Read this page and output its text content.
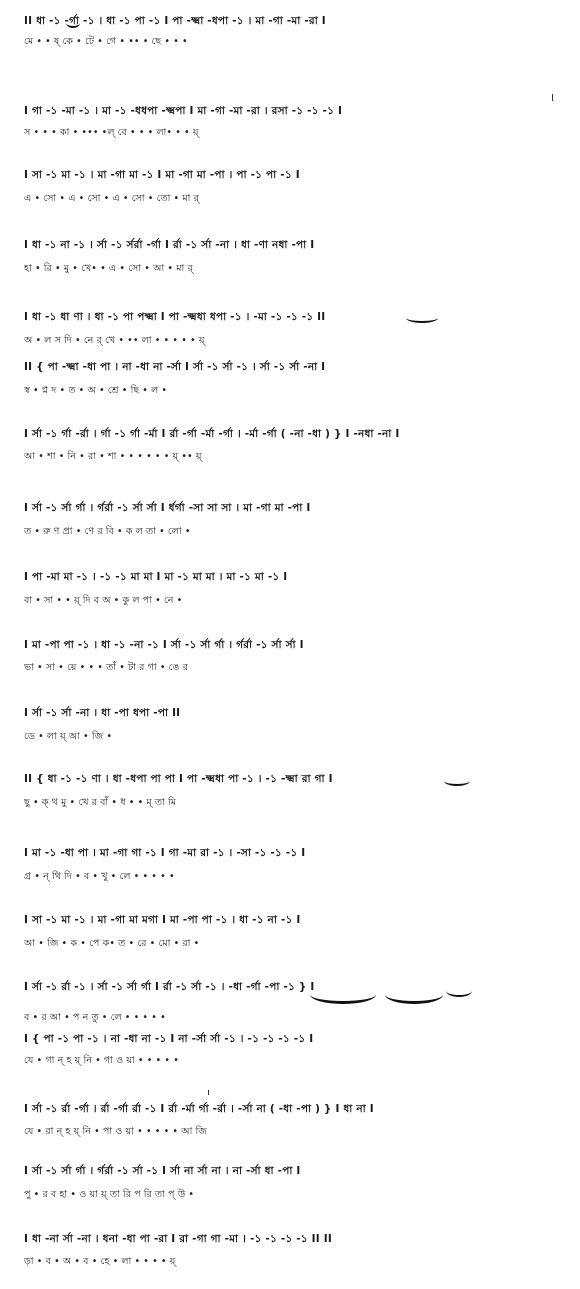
II ধা -১ -র্গা -১ । ধা -১ পা -১ I পা -ক্ষ্মা -ধপা -১ । মা -গা -মা -রা I
মে • • ষ্ কে • টে • গে • •• • ছে • • •
I গা -১ -মা -১ । মা -১ -ধধপা -ক্ষ্মপা I মা -গা -মা -রা । রসা -১ -১ -১ I
স • • • কা • ••• •ল্ বে • • • লা• • • য়্
I সা -১ মা -১ । মা -গা মা -১ I মা -গা মা -পা । পা -১ পা -১ I
এ • সো • এ • সো • এ • সো • তো • মা র্
I ধা -১ না -১ । র্সা -১ র্সর্রা -র্গা I র্রা -১ র্সা -না । ধা -ণা নধা -পা I
হা • রি • মু • খে• • এ • সো • আ • মা র্
I ধা -১ ধা ণা । ধা -১ পা পক্ষ্মা I পা -ক্ষ্মধা ধপা -১ । -মা -১ -১ -১ II
অ • ল স দি • নে র্ খে • •• লা • • • • • য়্
II { পা -ক্ষ্মা -ধা পা । না -ধা না -র্সা I র্সা -১ র্সা -১ । র্সা -১ র্সা -না I
স্ব • প্ন দ • ত • অ • শ্রে • ছি • ল •
I র্সা -১ র্গা -র্রা । র্গা -১ র্গা -র্মা I র্রা -র্গা -র্মা -র্গা । -র্মা -র্গা ( -না -ধা ) } I -নধা -না I
আ • শা • নি • রা • শা • • • • • • য়্ •• য়্
I র্সা -১ র্সা র্গা । র্গর্রা -১ র্সা র্সা I র্ধর্গা -সা সা সা । মা -গা মা -পা I
ত • রু ণ প্রা • ণে র বি • ক ল তা • লো •
I পা -মা মা -১ । -১ -১ মা মা I মা -১ মা মা । মা -১ মা -১ I
বা • সা • • য়্ দি ব অ • কু ল পা • নে •
I মা -পা পা -১ । ধা -১ -না -১ I র্সা -১ র্সা র্গা । র্গর্রা -১ র্সা র্সা I
ভা • সা • য়ে • • • তাঁ • টা র গা • ঙে র
I র্সা -১ র্সা -না । ধা -পা ধপা -পা II
ডে • লা য়্ আ • জি •
II { ধা -১ -১ ণা । ধা -ধপা পা পা I পা -ক্ষ্মধা পা -১ । -১ -ক্ষ্মা রা গা I
ছু • ক্ থ মু • খে র বাঁ • ধ • • ম্ তা মি
I মা -১ -ধা পা । মা -গা গা -১ I গা -মা রা -১ । -সা -১ -১ -১ I
গ্র • ন্ থি দি • ব • খু • লে • • • • •
I সা -১ মা -১ । মা -গা মা মগা I মা -পা পা -১ । ধা -১ না -১ I
আ • জি • ক • পে ক• ত • রে • মো • রা •
I র্সা -১ র্রা -১ । র্সা -১ র্সা র্গা I র্রা -১ র্সা -১ । -ধা -র্গা -পা -১ } I
ব • র আ • প ন তু • লে • • • • •
I { পা -১ পা -১ । না -ধা না -১ I না -র্সা র্সা -১ । -১ -১ -১ -১ I
যে • গা ন্ হ য়্ নি • গা ও য়া • • • • •
I র্সা -১ র্রা -র্গা । র্রা -র্গা র্রা -১ I র্রা -র্মা র্গা -র্রা । -র্সা না ( -ধা -পা ) } I ধা না I
যে • রা ন্ হ য়্ নি • পা ও য়া • • • • • আ জি
I র্সা -১ র্সা র্গা । র্গর্রা -১ র্সা -১ I র্সা না র্সা না । না -র্সা ধা -পা I
পু • র ব হা • ও য়া য়্ তা রি প রি তা প্ উ •
I ধা -না র্সা -না । ধনা -ধা পা -রা I রা -গা গা -মা । -১ -১ -১ -১ II II
ড়া • ব • অ • ব • হে • লা • • • • য়্
